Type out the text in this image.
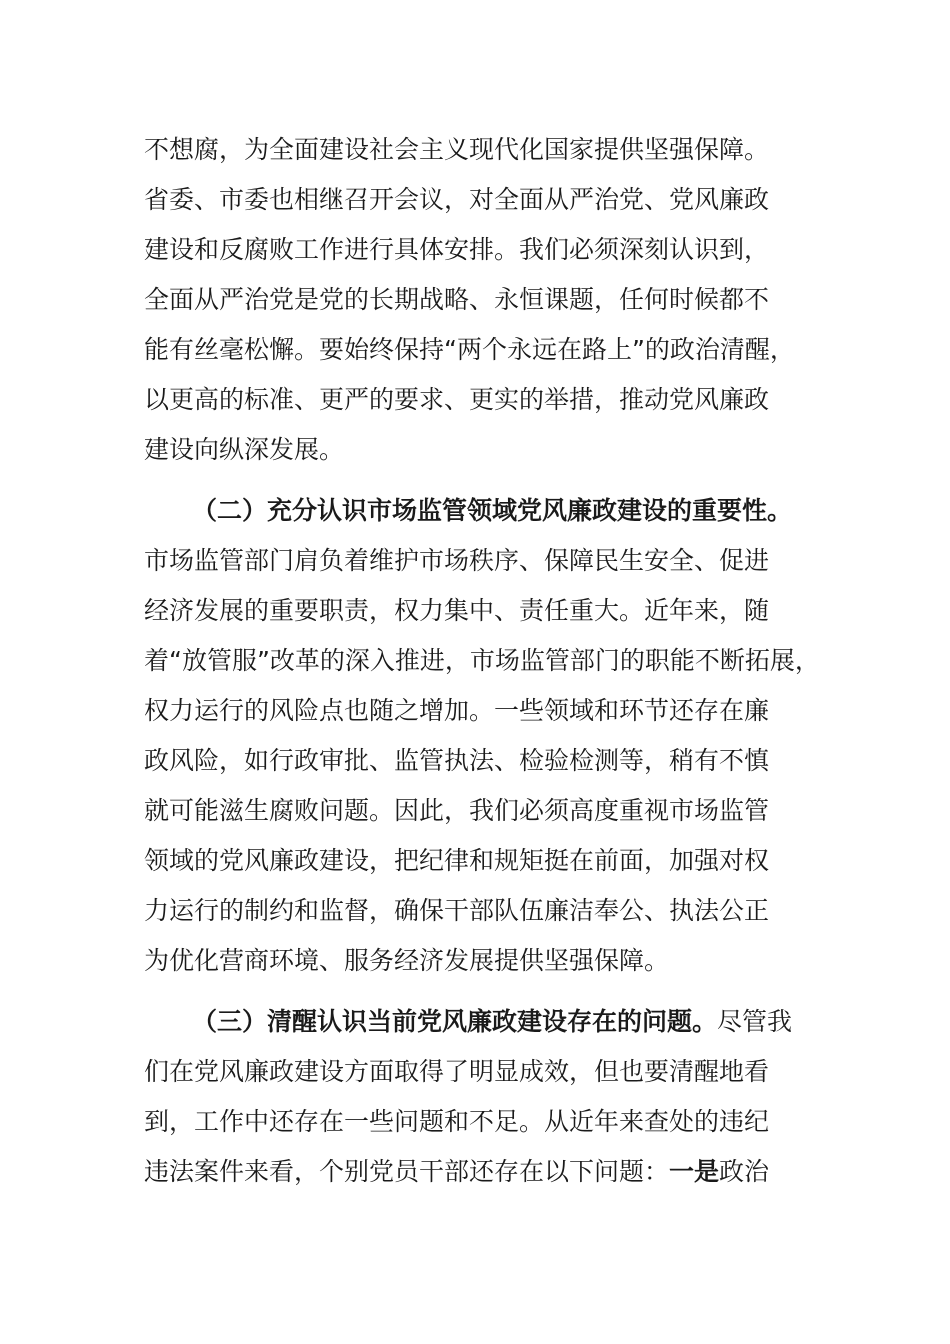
不想腐，为全面建设社会主义现代化国家提供坚强保障。
省委、市委也相继召开会议，对全面从严治党、党风廉政
建设和反腐败工作进行具体安排。我们必须深刻认识到，
全面从严治党是党的长期战略、永恒课题，任何时候都不
能有丝毫松懈。要始终保持“两个永远在路上”的政治清醒，
以更高的标准、更严的要求、更实的举措，推动党风廉政
建设向纵深发展。
（二）充分认识市场监管领域党风廉政建设的重要性。
市场监管部门肩负着维护市场秩序、保障民生安全、促进
经济发展的重要职责，权力集中、责任重大。近年来，随
着“放管服”改革的深入推进，市场监管部门的职能不断拓展，
权力运行的风险点也随之增加。一些领域和环节还存在廉
政风险，如行政审批、监管执法、检验检测等，稍有不慎
就可能滋生腐败问题。因此，我们必须高度重视市场监管
领域的党风廉政建设，把纪律和规矩挺在前面，加强对权
力运行的制约和监督，确保干部队伍廉洁奉公、执法公正
为优化营商环境、服务经济发展提供坚强保障。
（三）清醒认识当前党风廉政建设存在的问题。尽管我
们在党风廉政建设方面取得了明显成效，但也要清醒地看
到，工作中还存在一些问题和不足。从近年来查处的违纪
违法案件来看，个别党员干部还存在以下问题：一是政治
